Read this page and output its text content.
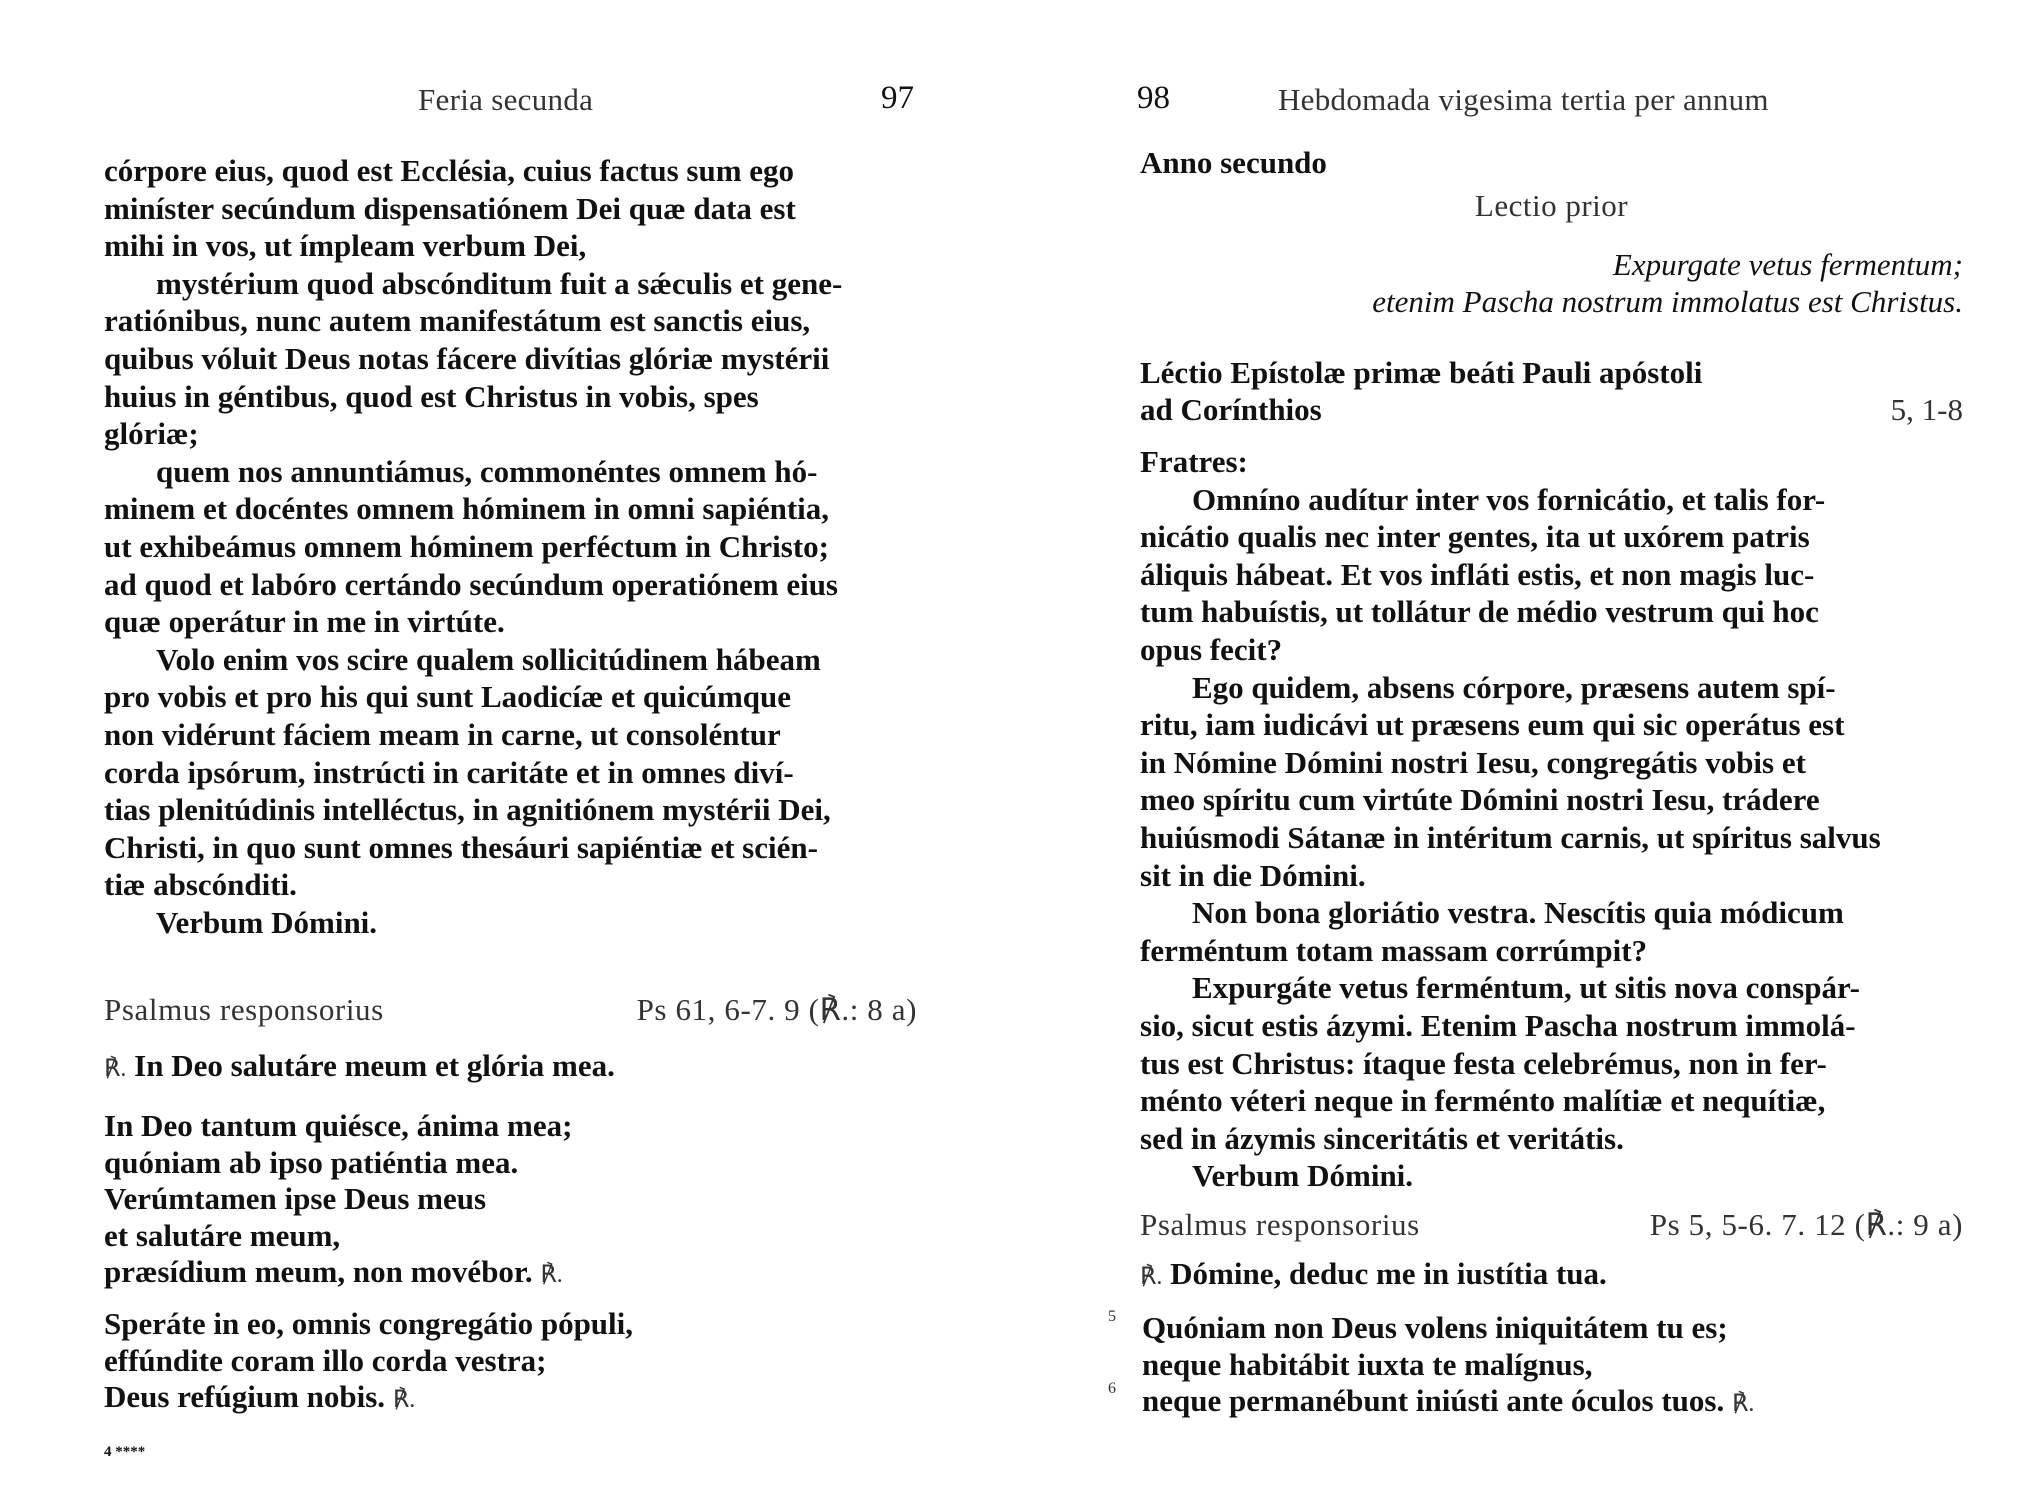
Feria secunda	97

córpore eius, quod est Ecclésia, cuius factus sum ego
miníster secúndum dispensatiónem Dei quæ data est
mihi in vos, ut ímpleam verbum Dei,

mystérium quod abscónditum fuit a sǽculis et gene-
ratiónibus, nunc autem manifestátum est sanctis eius,
quibus vóluit Deus notas fácere divítias glóriæ mystérii
huius in géntibus, quod est Christus in vobis, spes
glóriæ;

quem nos annuntiámus, commonéntes omnem hó-
minem et docéntes omnem hóminem in omni sapiéntia,
ut exhibeámus omnem hóminem perféctum in Christo;
ad quod et labóro certándo secúndum operatiónem eius
quæ operátur in me in virtúte.

Volo enim vos scire qualem sollicitúdinem hábeam
pro vobis et pro his qui sunt Laodicíæ et quicúmque
non vidérunt fáciem meam in carne, ut consoléntur
corda ipsórum, instrúcti in caritáte et in omnes diví-
tias plenitúdinis intelléctus, in agnitiónem mystérii Dei,
Christi, in quo sunt omnes thesáuri sapiéntiæ et scién-
tiæ abscónditi.

Verbum Dómini.

Psalmus responsorius	Ps 61, 6-7. 9 (℟.: 8 a)
℟. In Deo salutáre meum et glória mea.
In Deo tantum quiésce, ánima mea;
quóniam ab ipso patiéntia mea.
Verúmtamen ipse Deus meus
et salutáre meum,
præsídium meum, non movébor. ℟.
Speráte in eo, omnis congregátio pópuli,
effúndite coram illo corda vestra;
Deus refúgium nobis. ℟.
4 ****
98	Hebdomada vigesima tertia per annum
Anno secundo
Lectio prior
Expurgate vetus fermentum;
etenim Pascha nostrum immolatus est Christus.
Léctio Epístolæ primæ beáti Pauli apóstoli
ad Corínthios	5, 1-8

Fratres:

Omníno audítur inter vos fornicátio, et talis for-
nicátio qualis nec inter gentes, ita ut uxórem patris
áliquis hábeat. Et vos infláti estis, et non magis luc-
tum habuístis, ut tollátur de médio vestrum qui hoc
opus fecit?

Ego quidem, absens córpore, præsens autem spí-
ritu, iam iudicávi ut præsens eum qui sic operátus est
in Nómine Dómini nostri Iesu, congregátis vobis et
meo spíritu cum virtúte Dómini nostri Iesu, trádere
huiúsmodi Sátanæ in intéritum carnis, ut spíritus salvus
sit in die Dómini.

Non bona gloriátio vestra. Nescítis quia módicum
ferméntum totam massam corrúmpit?

Expurgáte vetus ferméntum, ut sitis nova conspár-
sio, sicut estis ázymi. Etenim Pascha nostrum immolá-
tus est Christus: ítaque festa celebrémus, non in fer-
ménto véteri neque in ferménto malítiæ et nequítiæ,
sed in ázymis sinceritátis et veritátis.

Verbum Dómini.

Psalmus responsorius	Ps 5, 5-6. 7. 12 (℟.: 9 a)
℟. Dómine, deduc me in iustítia tua.
5
6
Quóniam non Deus volens iniquitátem tu es;
neque habitábit iuxta te malígnus,
neque permanébunt iniústi ante óculos tuos. ℟.
